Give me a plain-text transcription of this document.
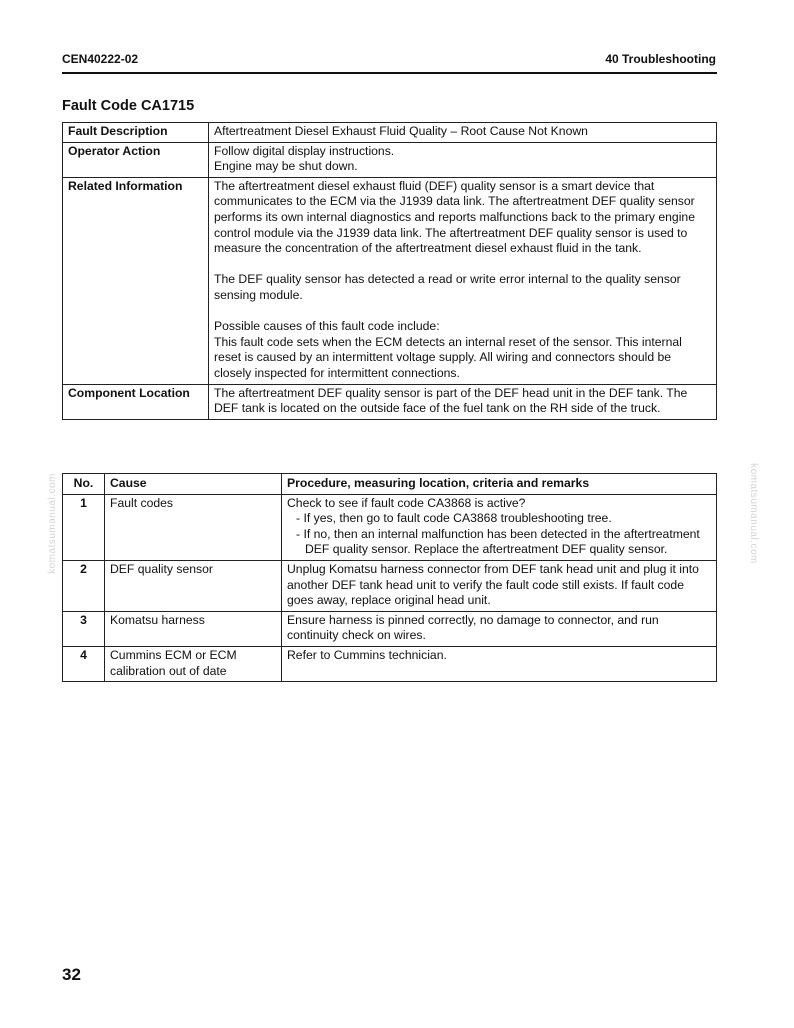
CEN40222-02	40 Troubleshooting
Fault Code CA1715
Fault Description	Aftertreatment Diesel Exhaust Fluid Quality – Root Cause Not Known

Operator Action	Follow digital display instructions.
Engine may be shut down.

Related Information	The aftertreatment diesel exhaust fluid (DEF) quality sensor is a smart device that communicates to the ECM via the J1939 data link. The aftertreatment DEF quality sensor performs its own internal diagnostics and reports malfunctions back to the primary engine control module via the J1939 data link. The aftertreatment DEF quality sensor is used to measure the concentration of the aftertreatment diesel exhaust fluid in the tank.

The DEF quality sensor has detected a read or write error internal to the quality sensor sensing module.

Possible causes of this fault code include:
This fault code sets when the ECM detects an internal reset of the sensor. This internal reset is caused by an intermittent voltage supply. All wiring and connectors should be closely inspected for intermittent connections.

Component Location	The aftertreatment DEF quality sensor is part of the DEF head unit in the DEF tank. The DEF tank is located on the outside face of the fuel tank on the RH side of the truck.

No.	Cause	Procedure, measuring location, criteria and remarks
1	Fault codes	Check to see if fault code CA3868 is active?

- If yes, then go to fault code CA3868 troubleshooting tree.

- If no, then an internal malfunction has been detected in the aftertreatment DEF quality sensor. Replace the aftertreatment DEF quality sensor.

2	DEF quality sensor	Unplug Komatsu harness connector from DEF tank head unit and plug it into another DEF tank head unit to verify the fault code still exists. If fault code goes away, replace original head unit.

3	Komatsu harness	Ensure harness is pinned correctly, no damage to connector, and run continuity check on wires.

4	Cummins ECM or ECM calibration out of date	Refer to Cummins technician.

32
komatsumanual.com	komatsumanual.com
